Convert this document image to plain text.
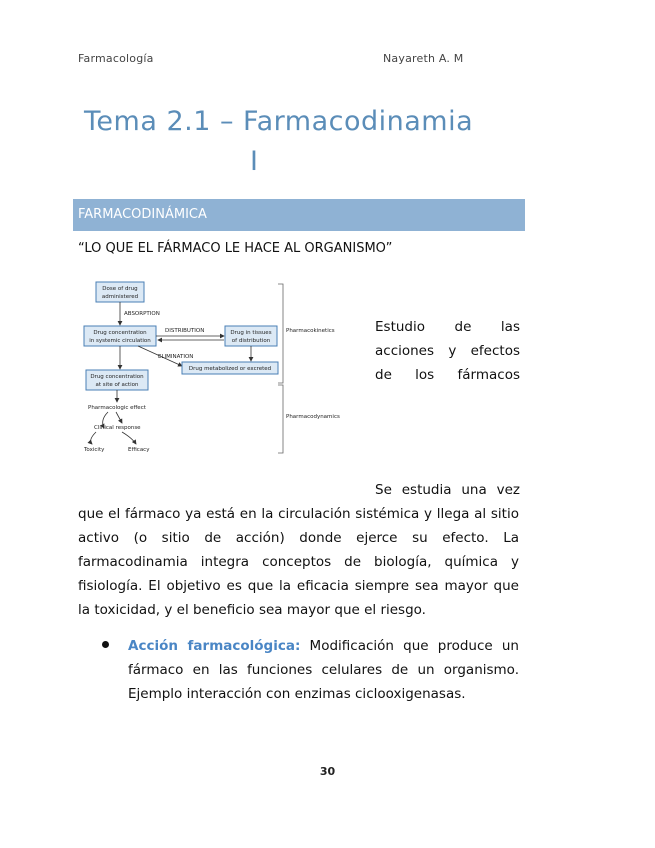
Farmacología	Nayareth A. M
Tema 2.1 – Farmacodinamia
I
FARMACODINÁMICA
“LO QUE EL FÁRMACO LE HACE AL ORGANISMO”
Dose of drug
administered
ABSORPTION
Drug concentration
in systemic circulation
DISTRIBUTION	Drug in tissues
of distribution
ELIMINATION
Drug metabolized or excreted
Drug concentration
at site of action
Pharmacologic effect
Clinical response
Toxicity	Efficacy
Pharmacokinetics
Pharmacodynamics
Estudio de las acciones y efectos de los fármacos
Se estudia una vez
que el fármaco ya está en la circulación sistémica y llega al sitio activo (o sitio de acción) donde ejerce su efecto. La farmacodinamia integra conceptos de biología, química y fisiología. El objetivo es que la eficacia siempre sea mayor que la toxicidad, y el beneficio sea mayor que el riesgo.
Acción farmacológica: Modificación que produce un fármaco en las funciones celulares de un organismo. Ejemplo interacción con enzimas ciclooxigenasas.
30
